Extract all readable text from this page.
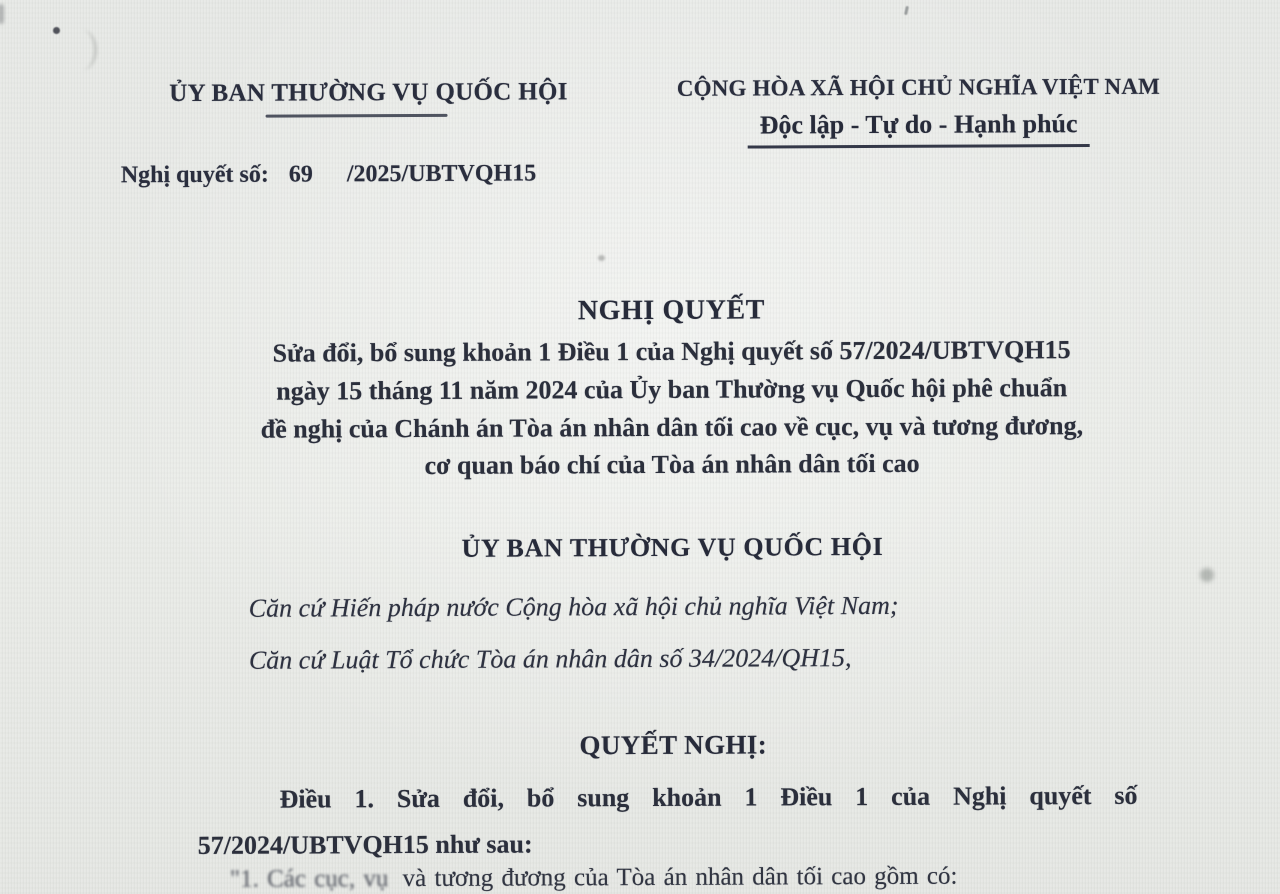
ỦY BAN THƯỜNG VỤ QUỐC HỘI	CỘNG HÒA XÃ HỘI CHỦ NGHĨA VIỆT NAM
Độc lập - Tự do - Hạnh phúc
Nghị quyết số: 69 /2025/UBTVQH15
NGHỊ QUYẾT
Sửa đổi, bổ sung khoản 1 Điều 1 của Nghị quyết số 57/2024/UBTVQH15
ngày 15 tháng 11 năm 2024 của Ủy ban Thường vụ Quốc hội phê chuẩn
đề nghị của Chánh án Tòa án nhân dân tối cao về cục, vụ và tương đương,
cơ quan báo chí của Tòa án nhân dân tối cao
ỦY BAN THƯỜNG VỤ QUỐC HỘI
Căn cứ Hiến pháp nước Cộng hòa xã hội chủ nghĩa Việt Nam;
Căn cứ Luật Tổ chức Tòa án nhân dân số 34/2024/QH15,
QUYẾT NGHỊ:
Điều 1. Sửa đổi, bổ sung khoản 1 Điều 1 của Nghị quyết số
57/2024/UBTVQH15 như sau:
"1. Các cục, vụ và tương đương của Tòa án nhân dân tối cao gồm có:
